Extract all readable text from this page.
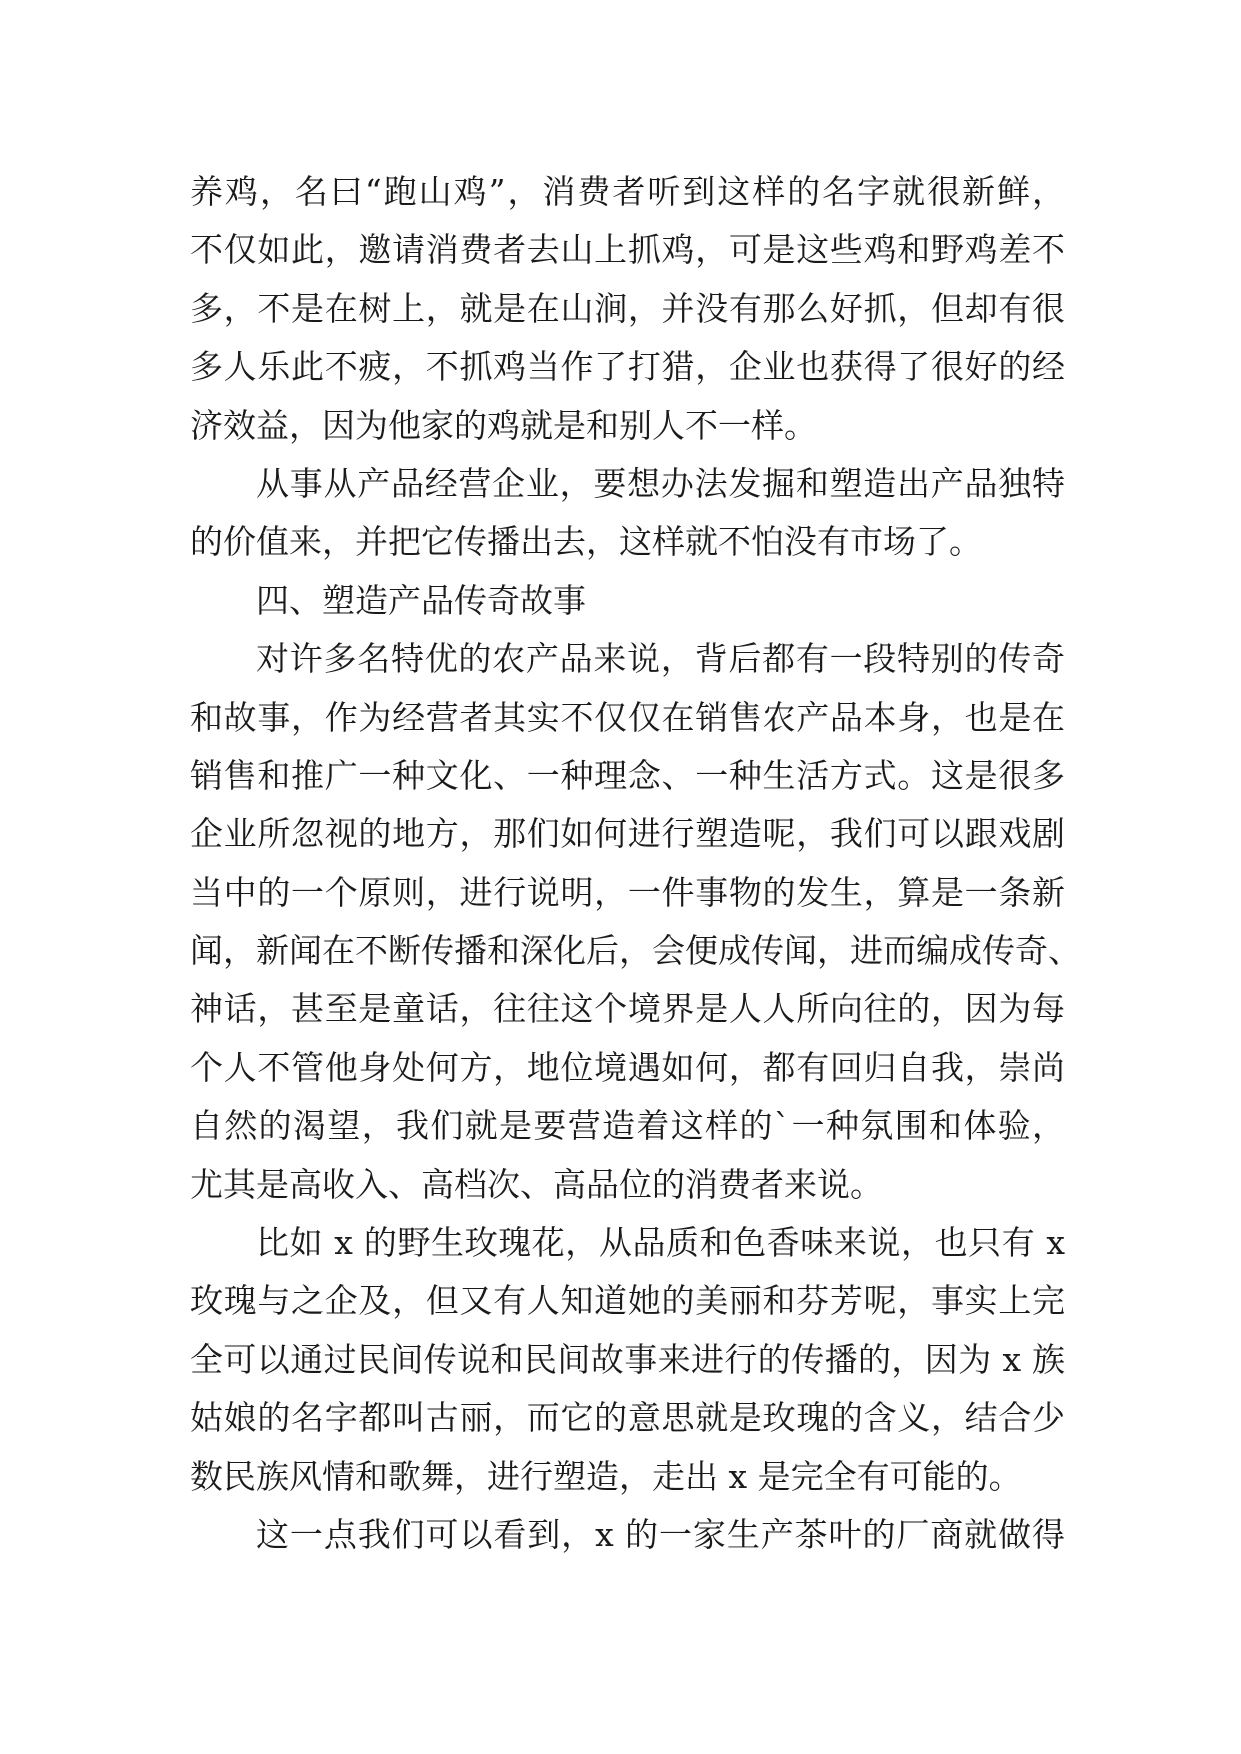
养鸡，名曰“跑山鸡”，消费者听到这样的名字就很新鲜，
不仅如此，邀请消费者去山上抓鸡，可是这些鸡和野鸡差不
多，不是在树上，就是在山涧，并没有那么好抓，但却有很
多人乐此不疲，不抓鸡当作了打猎，企业也获得了很好的经
济效益，因为他家的鸡就是和别人不一样。
从事从产品经营企业，要想办法发掘和塑造出产品独特
的价值来，并把它传播出去，这样就不怕没有市场了。
四、塑造产品传奇故事
对许多名特优的农产品来说，背后都有一段特别的传奇
和故事，作为经营者其实不仅仅在销售农产品本身，也是在
销售和推广一种文化、一种理念、一种生活方式。这是很多
企业所忽视的地方，那们如何进行塑造呢，我们可以跟戏剧
当中的一个原则，进行说明，一件事物的发生，算是一条新
闻，新闻在不断传播和深化后，会便成传闻，进而编成传奇、
神话，甚至是童话，往往这个境界是人人所向往的，因为每
个人不管他身处何方，地位境遇如何，都有回归自我，崇尚
自然的渴望，我们就是要营造着这样的`一种氛围和体验，
尤其是高收入、高档次、高品位的消费者来说。
比如 x 的野生玫瑰花，从品质和色香味来说，也只有 x
玫瑰与之企及，但又有人知道她的美丽和芬芳呢，事实上完
全可以通过民间传说和民间故事来进行的传播的，因为 x 族
姑娘的名字都叫古丽，而它的意思就是玫瑰的含义，结合少
数民族风情和歌舞，进行塑造，走出 x 是完全有可能的。
这一点我们可以看到，x 的一家生产茶叶的厂商就做得
